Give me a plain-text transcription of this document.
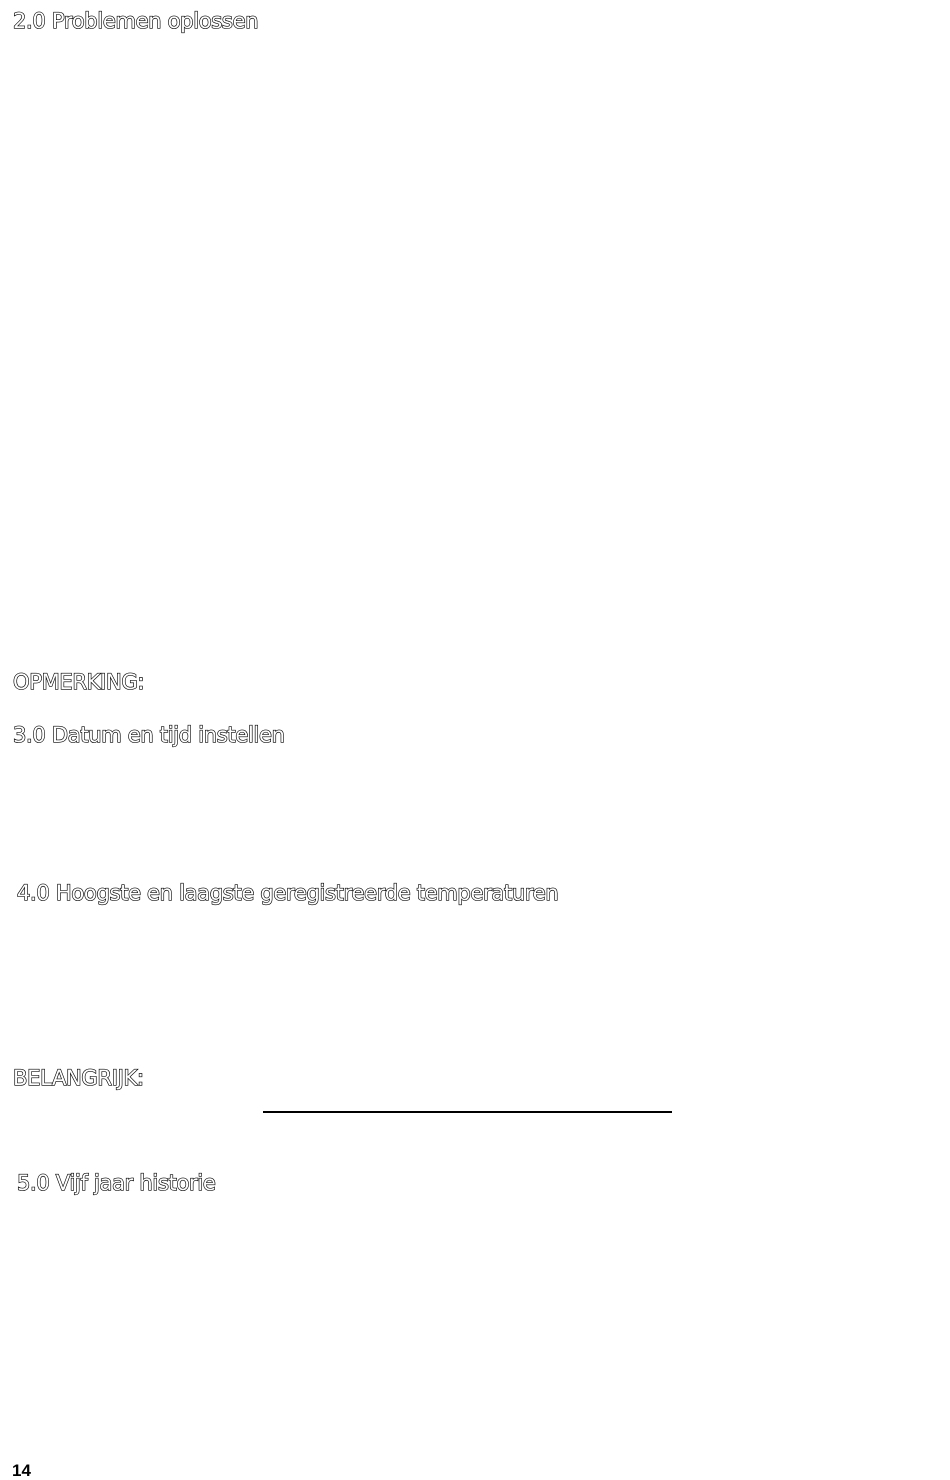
2.0 Problemen oplossen
OPMERKING:
3.0 Datum en tijd instellen
4.0 Hoogste en laagste geregistreerde temperaturen
BELANGRIJK:
5.0 Vijf jaar historie
14
